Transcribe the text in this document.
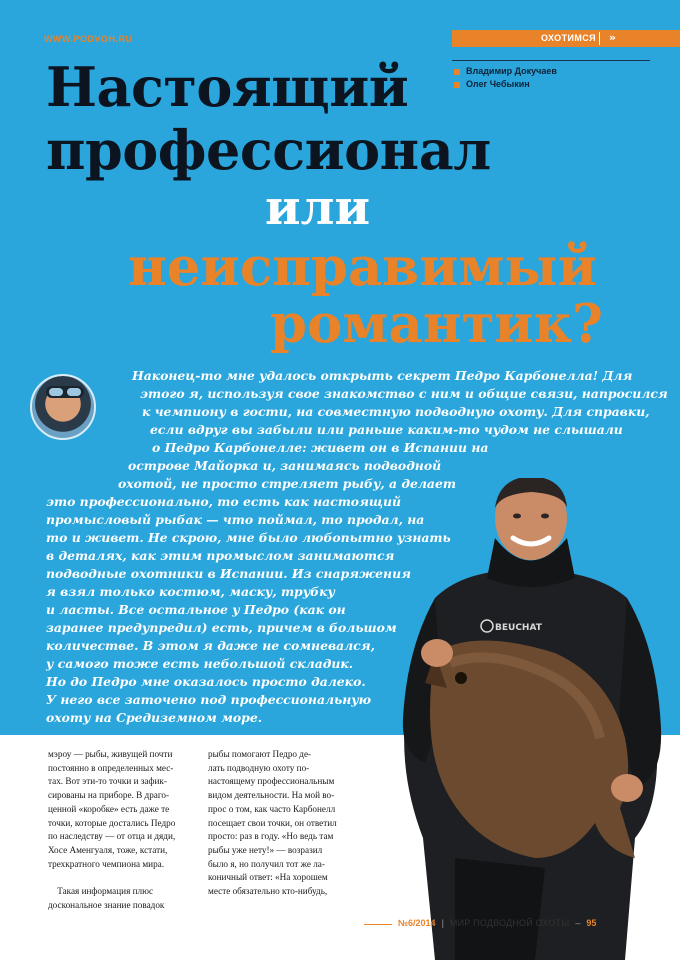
WWW.PODVOH.RU	ОХОТИМСЯ »
Владимир Докучаев
Олег Чебыкин
Настоящий
профессионал
или
неисправимый
романтик?
Наконец-то мне удалось открыть секрет Педро Карбонелла! Для
этого я, используя свое знакомство с ним и общие связи, напросился
к чемпиону в гости, на совместную подводную охоту. Для справки,
если вдруг вы забыли или раньше каким-то чудом не слышали
о Педро Карбонелле: живет он в Испании на
острове Майорка и, занимаясь подводной
охотой, не просто стреляет рыбу, а делает
это профессионально, то есть как настоящий
промысловый рыбак — что поймал, то продал, на
то и живет. Не скрою, мне было любопытно узнать
в деталях, как этим промыслом занимаются
подводные охотники в Испании. Из снаряжения
я взял только костюм, маску, трубку
и ласты. Все остальное у Педро (как он
заранее предупредил) есть, причем в большом
количестве. В этом я даже не сомневался,
у самого тоже есть небольшой складик.
Но до Педро мне оказалось просто далеко.
У него все заточено под профессиональную
охоту на Средиземном море.
BEUCHAT
мэроу — рыбы, живущей почти
постоянно в определенных мес-
тах. Вот эти-то точки и зафик-
сированы на приборе. В драго-
ценной «коробке» есть даже те
точки, которые достались Педро
по наследству — от отца и дяди,
Хосе Аменгуаля, тоже, кстати,
трехкратного чемпиона мира.
Такая информация плюс
доскональное знание повадок
рыбы помогают Педро де-
лать подводную охоту по-
настоящему профессиональным
видом деятельности. На мой во-
прос о том, как часто Карбонелл
посещает свои точки, он ответил
просто: раз в году. «Но ведь там
рыбы уже нету!» — возразил
было я, но получил тот же ла-
коничный ответ: «На хорошем
месте обязательно кто-нибудь,
№6/2014 | МИР ПОДВОДНОЙ ОХОТЫ – 95
